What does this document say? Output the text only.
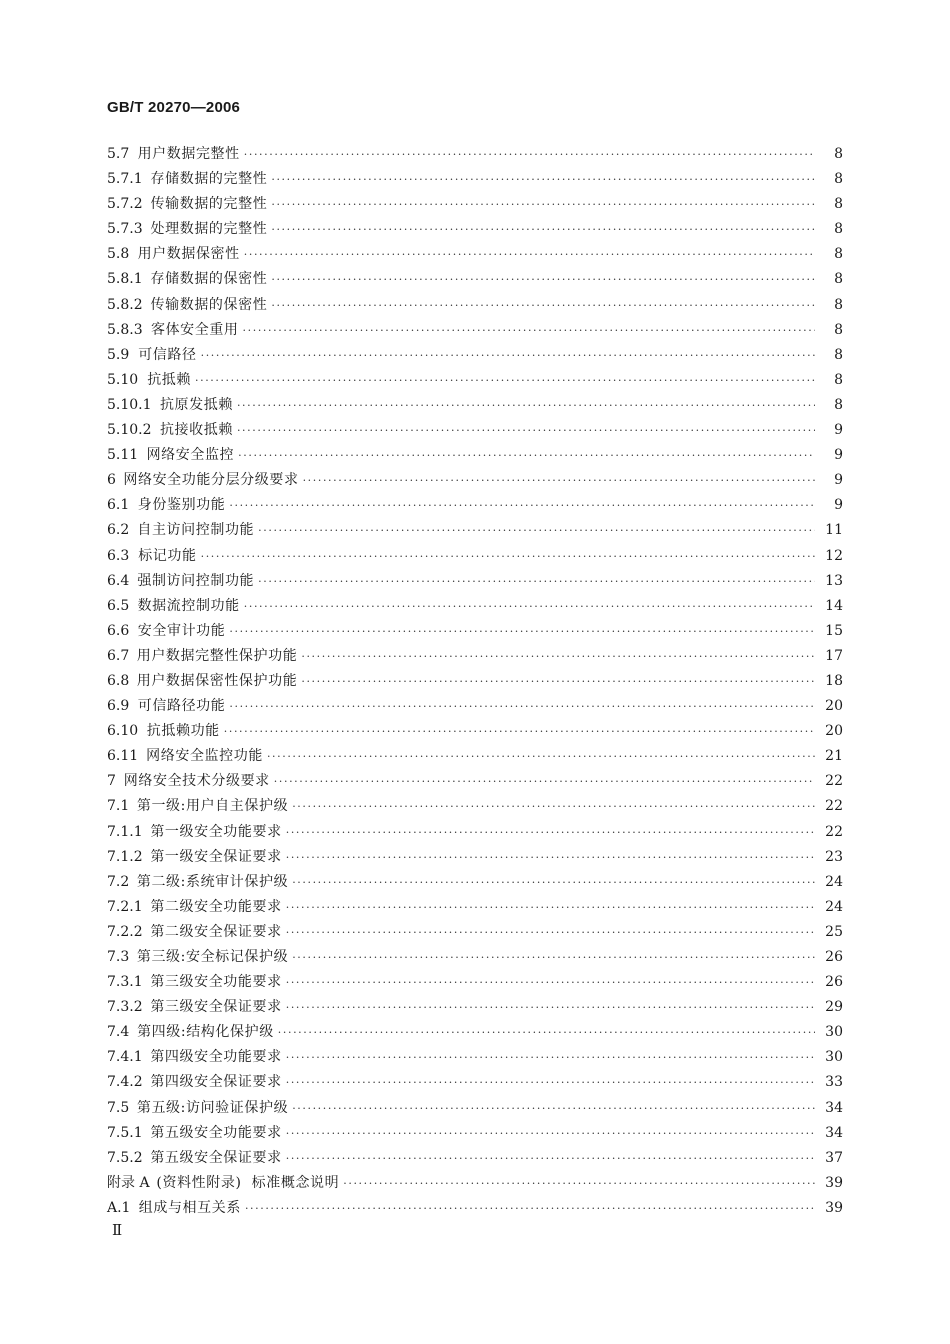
GB/T 20270—2006
5.7 用户数据完整性 ·····	8
5.7.1 存储数据的完整性 ·····	8
5.7.2 传输数据的完整性 ·····	8
5.7.3 处理数据的完整性 ·····	8
5.8 用户数据保密性 ·····	8
5.8.1 存储数据的保密性 ·····	8
5.8.2 传输数据的保密性 ·····	8
5.8.3 客体安全重用 ·····	8
5.9 可信路径 ·····	8
5.10 抗抵赖 ·····	8
5.10.1 抗原发抵赖 ·····	8
5.10.2 抗接收抵赖 ·····	9
5.11 网络安全监控 ·····	9
6 网络安全功能分层分级要求 ·····	9
6.1 身份鉴别功能 ·····	9
6.2 自主访问控制功能 ·····	11
6.3 标记功能 ·····	12
6.4 强制访问控制功能 ·····	13
6.5 数据流控制功能 ·····	14
6.6 安全审计功能 ·····	15
6.7 用户数据完整性保护功能 ·····	17
6.8 用户数据保密性保护功能 ·····	18
6.9 可信路径功能 ·····	20
6.10 抗抵赖功能 ·····	20
6.11 网络安全监控功能 ·····	21
7 网络安全技术分级要求 ·····	22
7.1 第一级:用户自主保护级 ·····	22
7.1.1 第一级安全功能要求 ·····	22
7.1.2 第一级安全保证要求 ·····	23
7.2 第二级:系统审计保护级 ·····	24
7.2.1 第二级安全功能要求 ·····	24
7.2.2 第二级安全保证要求 ·····	25
7.3 第三级:安全标记保护级 ·····	26
7.3.1 第三级安全功能要求 ·····	26
7.3.2 第三级安全保证要求 ·····	29
7.4 第四级:结构化保护级 ·····	30
7.4.1 第四级安全功能要求 ·····	30
7.4.2 第四级安全保证要求 ·····	33
7.5 第五级:访问验证保护级 ·····	34
7.5.1 第五级安全功能要求 ·····	34
7.5.2 第五级安全保证要求 ·····	37
附录 A (资料性附录)  标准概念说明 ·····	39
A.1 组成与相互关系 ·····	39
Ⅱ
